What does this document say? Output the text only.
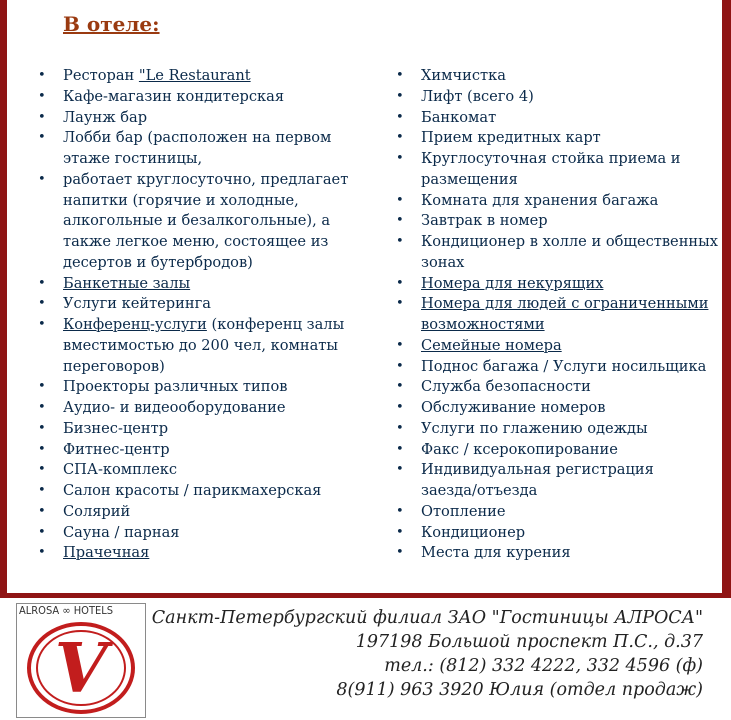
В отеле:
• Ресторан "Le Restaurant
• Кафе-магазин кондитерская
• Лаунж бар
• Лобби бар (расположен на первом
этаже гостиницы,
• работает круглосуточно, предлагает
напитки (горячие и холодные,
алкогольные и безалкогольные), а
также легкое меню, состоящее из
десертов и бутербродов)
• Банкетные залы
• Услуги кейтеринга
• Конференц-услуги (конференц залы
вместимостью до 200 чел, комнаты
переговоров)
• Проекторы различных типов
• Аудио- и видеооборудование
• Бизнес-центр
• Фитнес-центр
• СПА-комплекс
• Салон красоты / парикмахерская
• Солярий
• Сауна / парная
• Прачечная
• Химчистка
• Лифт (всего 4)
• Банкомат
• Прием кредитных карт
• Круглосуточная стойка приема и
размещения
• Комната для хранения багажа
• Завтрак в номер
• Кондиционер в холле и общественных
зонах
• Номера для некурящих
• Номера для людей с ограниченными
возможностями
• Семейные номера
• Поднос багажа / Услуги носильщика
• Служба безопасности
• Обслуживание номеров
• Услуги по глажению одежды
• Факс / ксерокопирование
• Индивидуальная регистрация
заезда/отъезда
• Отопление
• Кондиционер
• Места для курения
ALROSA ∞ HOTELS
V
Санкт-Петербургский филиал ЗАО "Гостиницы АЛРОСА"
197198 Большой проспект П.С., д.37
тел.: (812) 332 4222, 332 4596 (ф)
8(911) 963 3920 Юлия (отдел продаж)
